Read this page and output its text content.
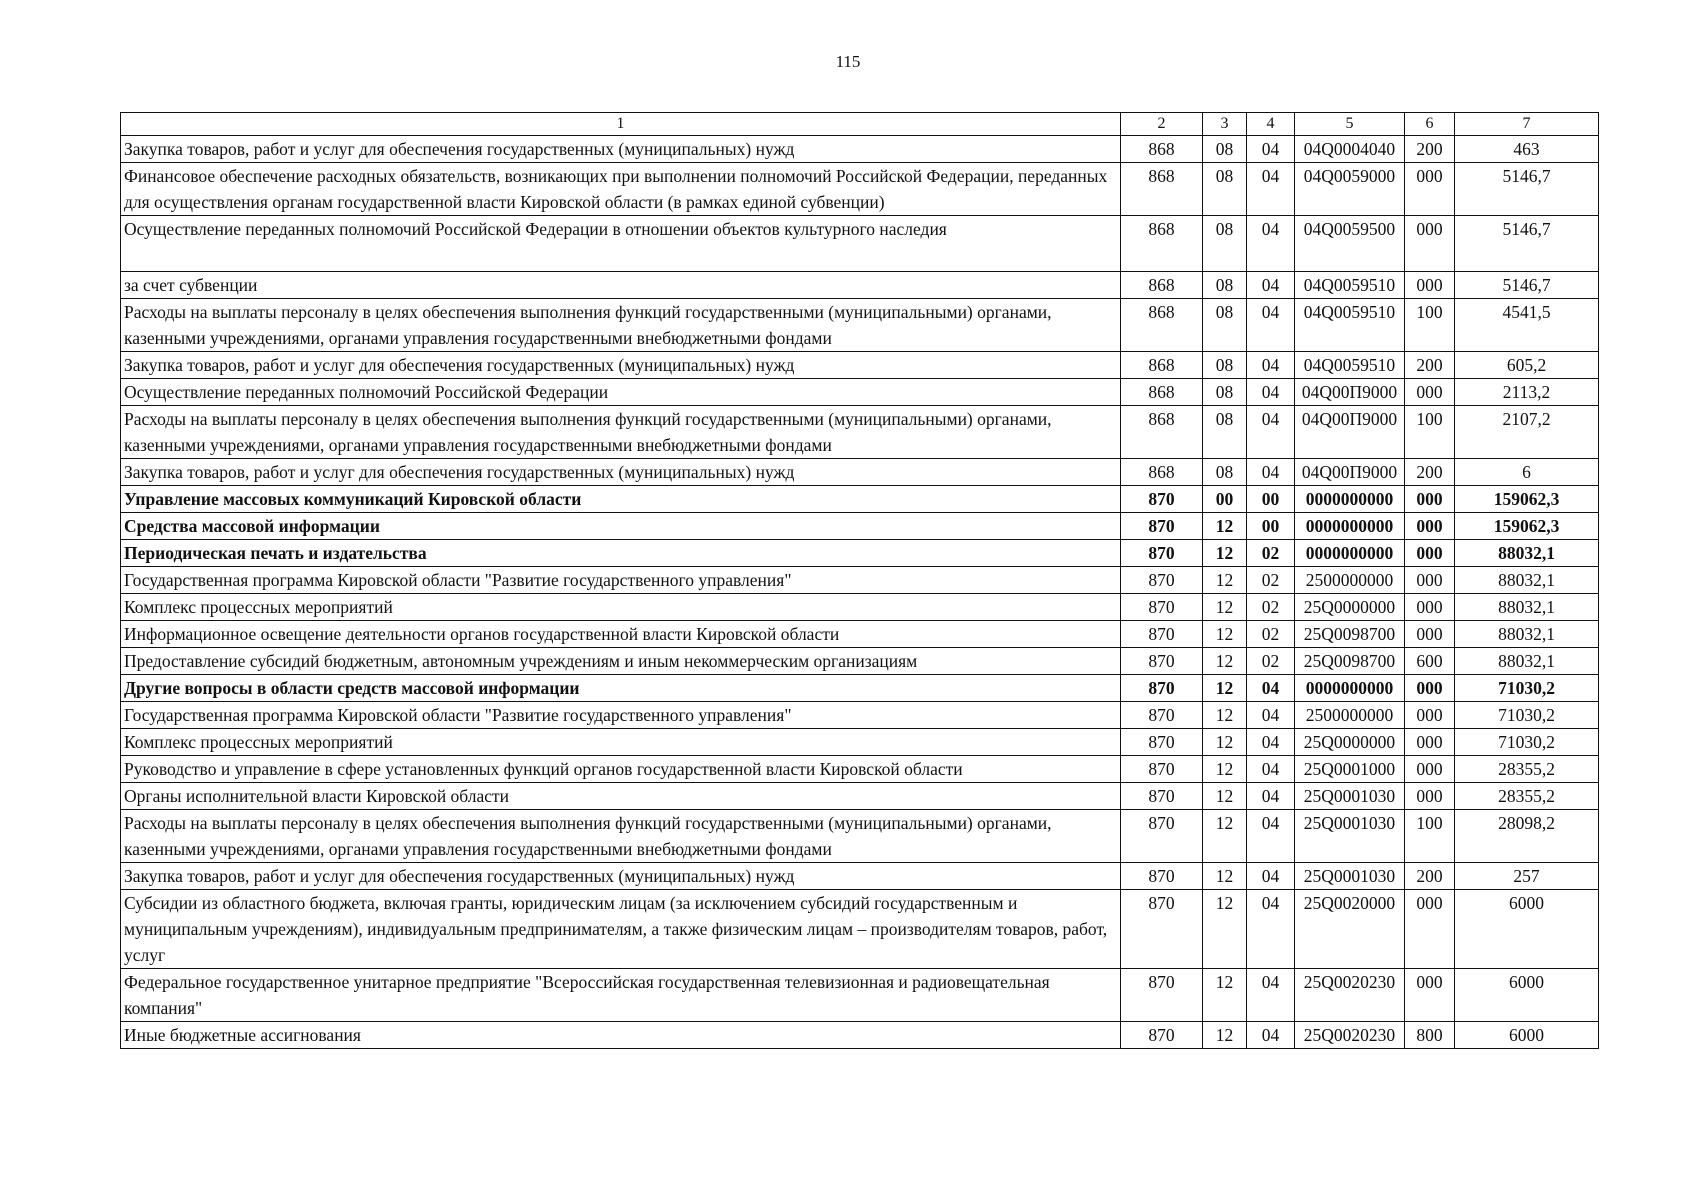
115
1	2	3	4	5	6	7
Закупка товаров, работ и услуг для обеспечения государственных (муниципальных) нужд	868	08	04	04Q0004040	200	463
Финансовое обеспечение расходных обязательств, возникающих при выполнении полномочий Российской Федерации, переданных для осуществления органам государственной власти Кировской области (в рамках единой субвенции)	868	08	04	04Q0059000	000	5146,7
Осуществление переданных полномочий Российской Федерации в отношении объектов культурного наследия	868	08	04	04Q0059500	000	5146,7
за счет субвенции	868	08	04	04Q0059510	000	5146,7
Расходы на выплаты персоналу в целях обеспечения выполнения функций государственными (муниципальными) органами, казенными учреждениями, органами управления государственными внебюджетными фондами	868	08	04	04Q0059510	100	4541,5
Закупка товаров, работ и услуг для обеспечения государственных (муниципальных) нужд	868	08	04	04Q0059510	200	605,2
Осуществление переданных полномочий Российской Федерации	868	08	04	04Q00П9000	000	2113,2
Расходы на выплаты персоналу в целях обеспечения выполнения функций государственными (муниципальными) органами, казенными учреждениями, органами управления государственными внебюджетными фондами	868	08	04	04Q00П9000	100	2107,2
Закупка товаров, работ и услуг для обеспечения государственных (муниципальных) нужд	868	08	04	04Q00П9000	200	6
Управление массовых коммуникаций Кировской области	870	00	00	0000000000	000	159062,3
Средства массовой информации	870	12	00	0000000000	000	159062,3
Периодическая печать и издательства	870	12	02	0000000000	000	88032,1
Государственная программа Кировской области "Развитие государственного управления"	870	12	02	2500000000	000	88032,1
Комплекс процессных мероприятий	870	12	02	25Q0000000	000	88032,1
Информационное освещение деятельности органов государственной власти Кировской области	870	12	02	25Q0098700	000	88032,1
Предоставление субсидий бюджетным, автономным учреждениям и иным некоммерческим организациям	870	12	02	25Q0098700	600	88032,1
Другие вопросы в области средств массовой информации	870	12	04	0000000000	000	71030,2
Государственная программа Кировской области "Развитие государственного управления"	870	12	04	2500000000	000	71030,2
Комплекс процессных мероприятий	870	12	04	25Q0000000	000	71030,2
Руководство и управление в сфере установленных функций органов государственной власти Кировской области	870	12	04	25Q0001000	000	28355,2
Органы исполнительной власти Кировской области	870	12	04	25Q0001030	000	28355,2
Расходы на выплаты персоналу в целях обеспечения выполнения функций государственными (муниципальными) органами, казенными учреждениями, органами управления государственными внебюджетными фондами	870	12	04	25Q0001030	100	28098,2
Закупка товаров, работ и услуг для обеспечения государственных (муниципальных) нужд	870	12	04	25Q0001030	200	257
Субсидии из областного бюджета, включая гранты, юридическим лицам (за исключением субсидий государственным и муниципальным учреждениям), индивидуальным предпринимателям, а также физическим лицам – производителям товаров, работ, услуг	870	12	04	25Q0020000	000	6000
Федеральное государственное унитарное предприятие "Всероссийская государственная телевизионная и радиовещательная компания"	870	12	04	25Q0020230	000	6000
Иные бюджетные ассигнования	870	12	04	25Q0020230	800	6000
